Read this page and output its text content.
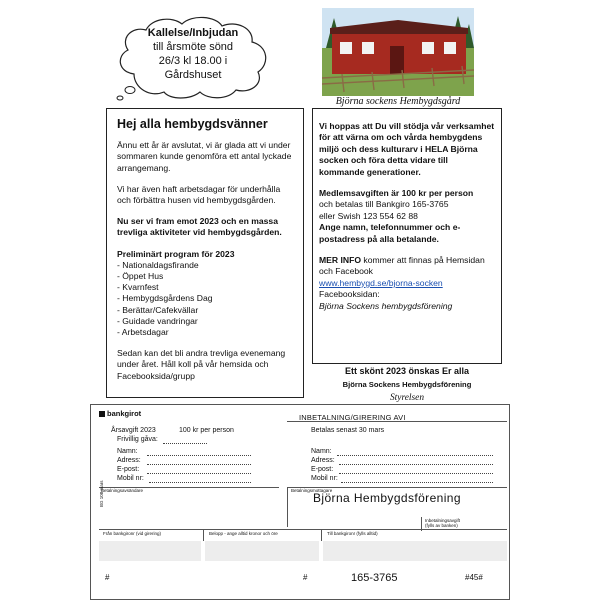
Kallelse/Inbjudan
till årsmöte sönd
26/3 kl 18.00 i
Gårdshuset
Björna sockens Hembygdsgård
Hej alla hembygdsvänner

Ännu ett år är avslutat, vi är glada att vi under sommaren kunde genomföra ett antal lyckade arrangemang.

Vi har även haft arbetsdagar för underhålla och förbättra husen vid hembygdsgården.

Nu ser vi fram emot 2023 och en massa trevliga aktiviteter vid hembygdsgården.

Preliminärt program för 2023
- Nationaldagsfirande
- Öppet Hus
- Kvarnfest
- Hembygdsgårdens Dag
- Berättar/Cafekvällar
- Guidade vandringar
- Arbetsdagar

Sedan kan det bli andra trevliga evenemang under året. Håll koll på vår hemsida och Facebooksida/grupp

Vi hoppas att Du vill stödja vår verksamhet för att värna om och vårda hembygdens miljö och dess kulturarv i HELA Björna socken och föra detta vidare till kommande generationer.

Medlemsavgiften är 100 kr per person
och betalas till Bankgiro 165-3765
eller Swish 123 554 62 88
Ange namn, telefonnummer och e-postadress på alla betalande.

MER INFO kommer att finnas på Hemsidan och Facebook
www.hembygd.se/bjorna-socken
Facebooksidan:
Björna Sockens hembygdsförening

Ett skönt 2023 önskas Er alla
Björna Sockens Hembygdsförening
Styrelsen
bankgirot	INBETALNING/GIRERING AVI
Årsavgift 2023	100 kr per person	Betalas senast 30 mars
Frivillig gåva:
Namn:
Adress:
E-post:
Mobil nr:
Namn:
Adress:
E-post:
Mobil nr:
Betalningsavsändare	Betalningsmottagare
Björna Hembygdsförening
BG 108 mars
Inbetalningsavgift
(fylls av banken)
Från bankgironr (vid girering)	Belopp - ange alltid kronor och öre	Till bankgironr (fylls alltid)
165-3765
#	#	#45#
